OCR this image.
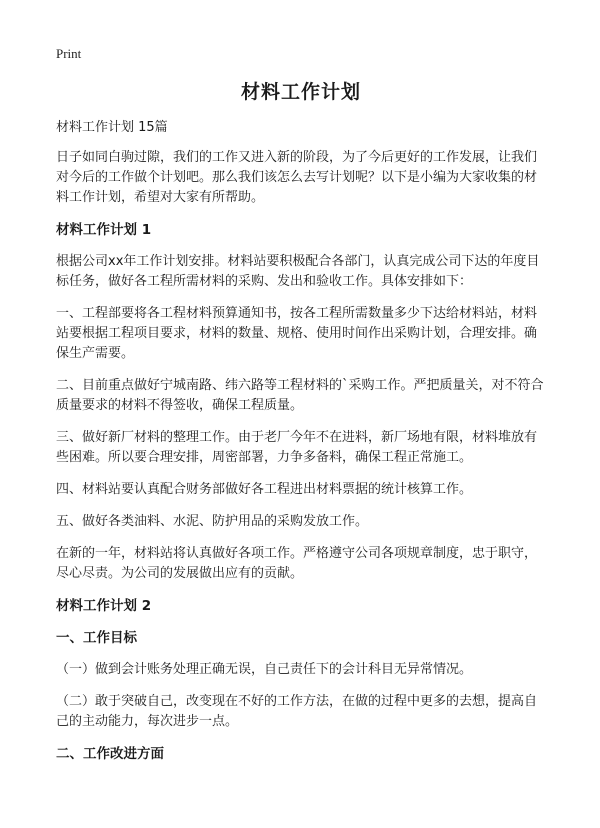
Print
材料工作计划
材料工作计划 15篇

日子如同白驹过隙，我们的工作又进入新的阶段，为了今后更好的工作发展，让我们对今后的工作做个计划吧。那么我们该怎么去写计划呢？以下是小编为大家收集的材料工作计划，希望对大家有所帮助。

材料工作计划 1

根据公司xx年工作计划安排。材料站要积极配合各部门，认真完成公司下达的年度目标任务，做好各工程所需材料的采购、发出和验收工作。具体安排如下：

一、工程部要将各工程材料预算通知书，按各工程所需数量多少下达给材料站，材料站要根据工程项目要求，材料的数量、规格、使用时间作出采购计划，合理安排。确保生产需要。

二、目前重点做好宁城南路、纬六路等工程材料的`采购工作。严把质量关，对不符合质量要求的材料不得签收，确保工程质量。

三、做好新厂材料的整理工作。由于老厂今年不在进料，新厂场地有限，材料堆放有些困难。所以要合理安排，周密部署，力争多备料，确保工程正常施工。

四、材料站要认真配合财务部做好各工程进出材料票据的统计核算工作。

五、做好各类油料、水泥、防护用品的采购发放工作。

在新的一年，材料站将认真做好各项工作。严格遵守公司各项规章制度，忠于职守，尽心尽责。为公司的发展做出应有的贡献。

材料工作计划 2
一、工作目标

（一）做到会计账务处理正确无误，自己责任下的会计科目无异常情况。

（二）敢于突破自己，改变现在不好的工作方法，在做的过程中更多的去想，提高自己的主动能力，每次进步一点。

二、工作改进方面
